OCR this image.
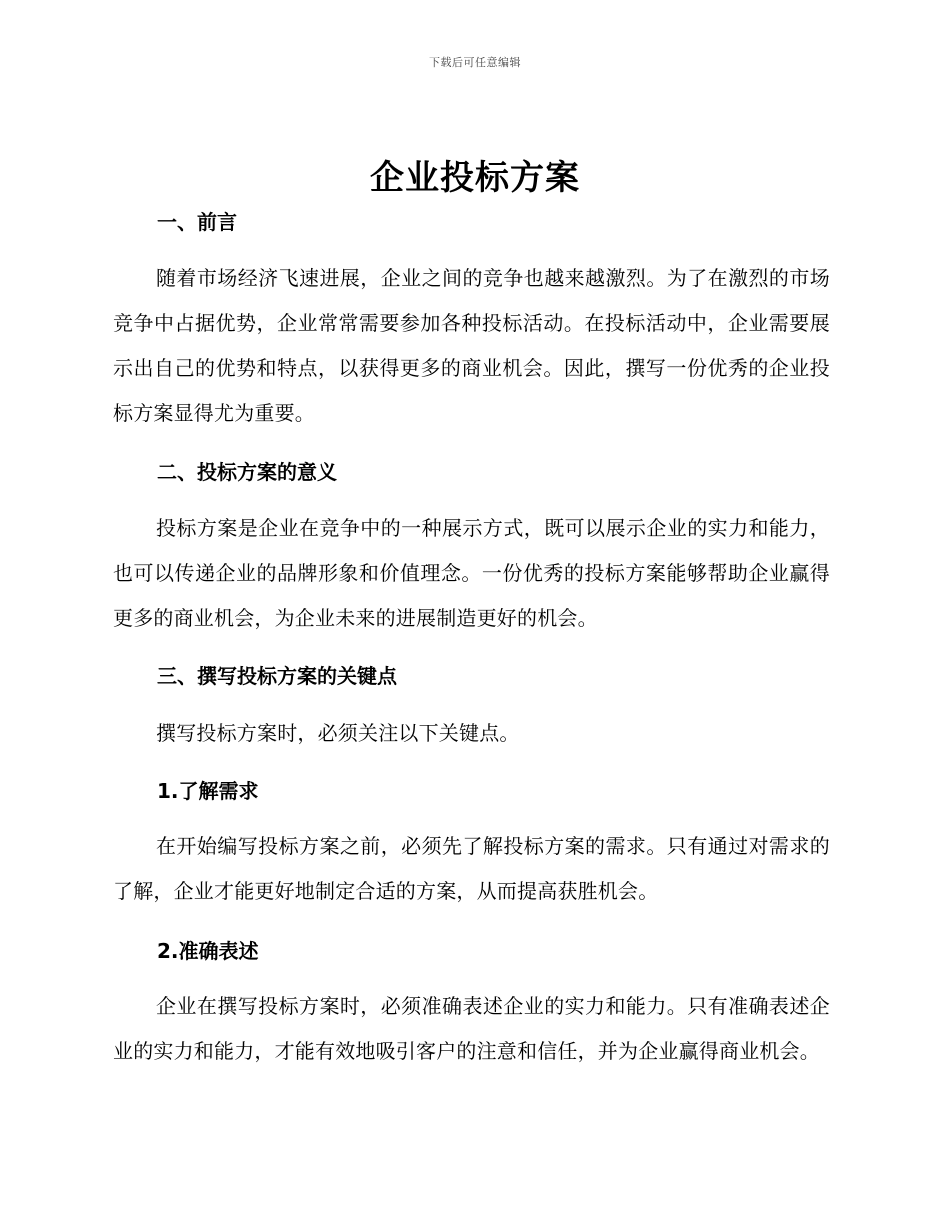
下载后可任意编辑
企业投标方案
一、前言
随着市场经济飞速进展，企业之间的竞争也越来越激烈。为了在激烈的市场竞争中占据优势，企业常常需要参加各种投标活动。在投标活动中，企业需要展示出自己的优势和特点，以获得更多的商业机会。因此，撰写一份优秀的企业投标方案显得尤为重要。
二、投标方案的意义
投标方案是企业在竞争中的一种展示方式，既可以展示企业的实力和能力，也可以传递企业的品牌形象和价值理念。一份优秀的投标方案能够帮助企业赢得更多的商业机会，为企业未来的进展制造更好的机会。
三、撰写投标方案的关键点
撰写投标方案时，必须关注以下关键点。
1.了解需求
在开始编写投标方案之前，必须先了解投标方案的需求。只有通过对需求的了解，企业才能更好地制定合适的方案，从而提高获胜机会。
2.准确表述
企业在撰写投标方案时，必须准确表述企业的实力和能力。只有准确表述企业的实力和能力，才能有效地吸引客户的注意和信任，并为企业赢得商业机会。
